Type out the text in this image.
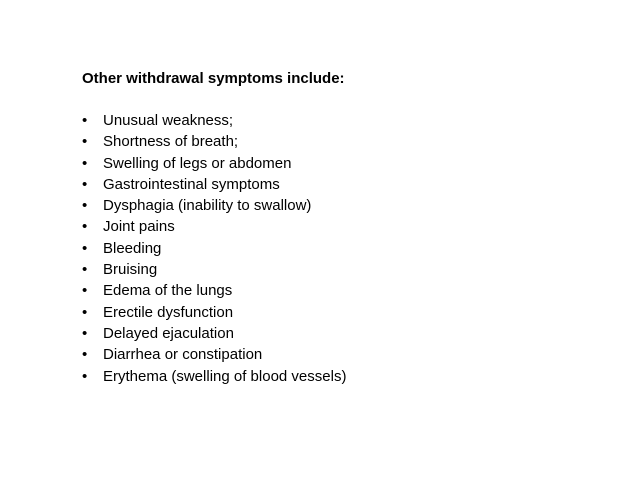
Other withdrawal symptoms include:

• Unusual weakness;
• Shortness of breath;
• Swelling of legs or abdomen
• Gastrointestinal symptoms
• Dysphagia (inability to swallow)
• Joint pains
• Bleeding
• Bruising
• Edema of the lungs
• Erectile dysfunction
• Delayed ejaculation
• Diarrhea or constipation
• Erythema (swelling of blood vessels)
